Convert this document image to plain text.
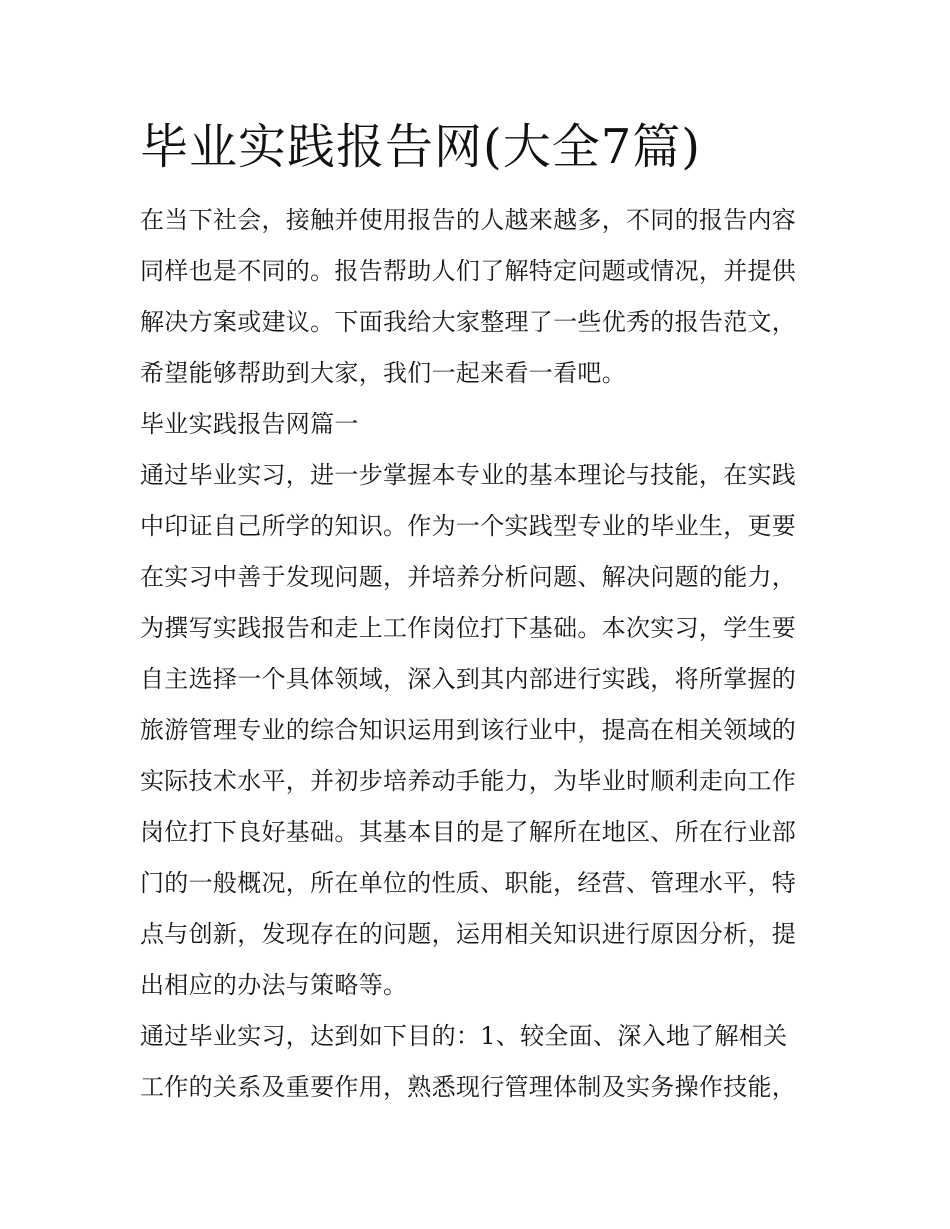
毕业实践报告网(大全7篇)

在当下社会，接触并使用报告的人越来越多，不同的报告内容

同样也是不同的。报告帮助人们了解特定问题或情况，并提供

解决方案或建议。下面我给大家整理了一些优秀的报告范文，

希望能够帮助到大家，我们一起来看一看吧。

毕业实践报告网篇一

通过毕业实习，进一步掌握本专业的基本理论与技能，在实践

中印证自己所学的知识。作为一个实践型专业的毕业生，更要

在实习中善于发现问题，并培养分析问题、解决问题的能力，

为撰写实践报告和走上工作岗位打下基础。本次实习，学生要

自主选择一个具体领域，深入到其内部进行实践，将所掌握的

旅游管理专业的综合知识运用到该行业中，提高在相关领域的

实际技术水平，并初步培养动手能力，为毕业时顺利走向工作

岗位打下良好基础。其基本目的是了解所在地区、所在行业部

门的一般概况，所在单位的性质、职能，经营、管理水平，特

点与创新，发现存在的问题，运用相关知识进行原因分析，提

出相应的办法与策略等。

通过毕业实习，达到如下目的：1、较全面、深入地了解相关

工作的关系及重要作用，熟悉现行管理体制及实务操作技能，
